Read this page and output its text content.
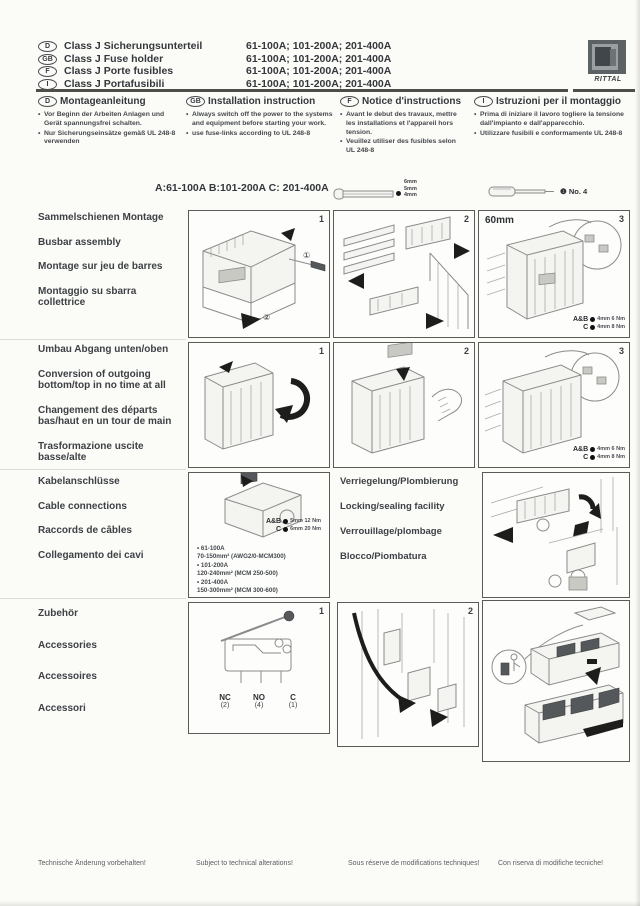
D	Class J Sicherungsunterteil	61-100A; 101-200A; 201-400A
GB	Class J Fuse holder	61-100A; 101-200A; 201-400A
F	Class J Porte fusibles	61-100A; 101-200A; 201-400A
I	Class J Portafusibili	61-100A; 101-200A; 201-400A	RITTAL
D Montageanleitung
• Vor Beginn der Arbeiten Anlagen und Gerät spannungsfrei schalten.
• Nur Sicherungseinsätze gemäß UL 248-8 verwenden
GB Installation instruction
• Always switch off the power to the systems and equipment before starting your work.
• use fuse-links according to UL 248-8
F Notice d'instructions
• Avant le debut des travaux, mettre les installations et l'appareil hors tension.
• Veuillez utiliser des fusibles selon UL 248-8
I Istruzioni per il montaggio
• Prima di iniziare il lavoro togliere la tensione dall'impianto e dall'apparecchio.
• Utilizzare fusibili e conformamente UL 248-8
A:61-100A B:101-200A C: 201-400A	6mm
5mm
4mm	❶ No. 4
Sammelschienen Montage
Busbar assembly
Montage sur jeu de barres
Montaggio su sbarra collettrice
1
①
②
2	3
60mm
A&B 4mm 6 Nm
C 4mm 8 Nm
Umbau Abgang unten/oben
Conversion of outgoing bottom/top in no time at all
Changement des départs bas/haut en un tour de main
Trasformazione uscite basse/alte
1	2	3
A&B 4mm 6 Nm
C 4mm 8 Nm
Kabelanschlüsse
Cable connections
Raccords de câbles
Collegamento dei cavi
A&B 5mm 12 Nm
C 6mm 20 Nm
• 61-100A
70-150mm² (AWG2/0-MCM300)
• 101-200A
120-240mm² (MCM 250-500)
• 201-400A
150-300mm² (MCM 300-600)
Verriegelung/Plombierung
Locking/sealing facility
Verrouillage/plombage
Blocco/Piombatura
Zubehör
Accessories
Accessoires
Accessori
1
NC
(2)
NO
(4)
C
(1)
2
Technische Änderung vorbehalten!	Subject to technical alterations!	Sous réserve de modifications techniques!	Con riserva di modifiche tecniche!
